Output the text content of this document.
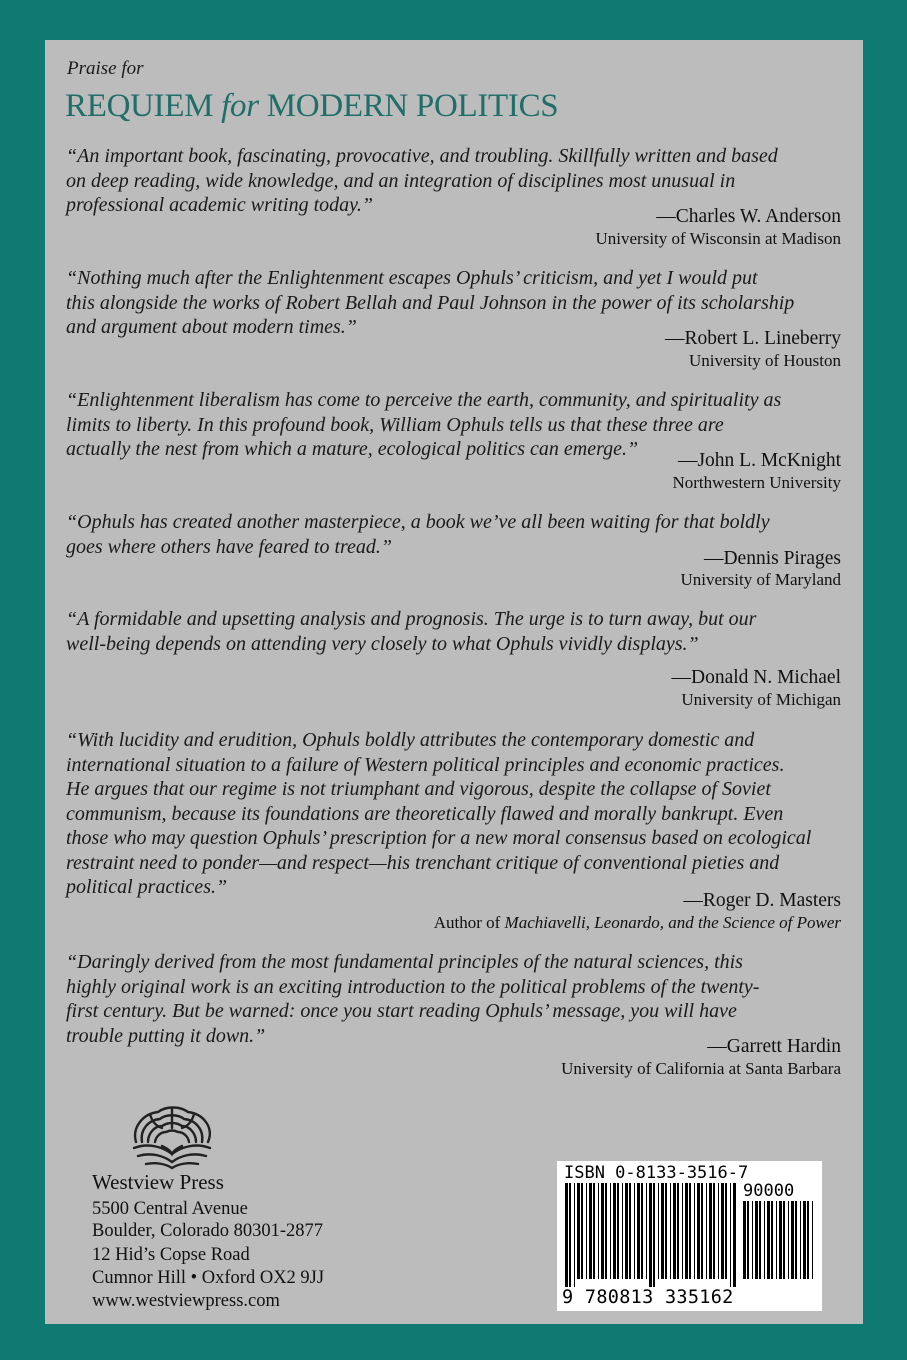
Praise for
REQUIEM for MODERN POLITICS
“An important book, fascinating, provocative, and troubling. Skillfully written and based
on deep reading, wide knowledge, and an integration of disciplines most unusual in
professional academic writing today.”
—Charles W. Anderson
University of Wisconsin at Madison
“Nothing much after the Enlightenment escapes Ophuls’ criticism, and yet I would put
this alongside the works of Robert Bellah and Paul Johnson in the power of its scholarship
and argument about modern times.”
—Robert L. Lineberry
University of Houston
“Enlightenment liberalism has come to perceive the earth, community, and spirituality as
limits to liberty. In this profound book, William Ophuls tells us that these three are
actually the nest from which a mature, ecological politics can emerge.”
—John L. McKnight
Northwestern University
“Ophuls has created another masterpiece, a book we’ve all been waiting for that boldly
goes where others have feared to tread.”
—Dennis Pirages
University of Maryland
“A formidable and upsetting analysis and prognosis. The urge is to turn away, but our
well-being depends on attending very closely to what Ophuls vividly displays.”
—Donald N. Michael
University of Michigan
“With lucidity and erudition, Ophuls boldly attributes the contemporary domestic and
international situation to a failure of Western political principles and economic practices.
He argues that our regime is not triumphant and vigorous, despite the collapse of Soviet
communism, because its foundations are theoretically flawed and morally bankrupt. Even
those who may question Ophuls’ prescription for a new moral consensus based on ecological
restraint need to ponder—and respect—his trenchant critique of conventional pieties and
political practices.”
—Roger D. Masters
Author of Machiavelli, Leonardo, and the Science of Power
“Daringly derived from the most fundamental principles of the natural sciences, this
highly original work is an exciting introduction to the political problems of the twenty-
first century. But be warned: once you start reading Ophuls’ message, you will have
trouble putting it down.”	—Garrett Hardin
University of California at Santa Barbara
Westview Press
5500 Central Avenue
Boulder, Colorado 80301-2877
12 Hid’s Copse Road
Cumnor Hill • Oxford OX2 9JJ
www.westviewpress.com
ISBN 0-8133-3516-7
90000
9 780813 335162
